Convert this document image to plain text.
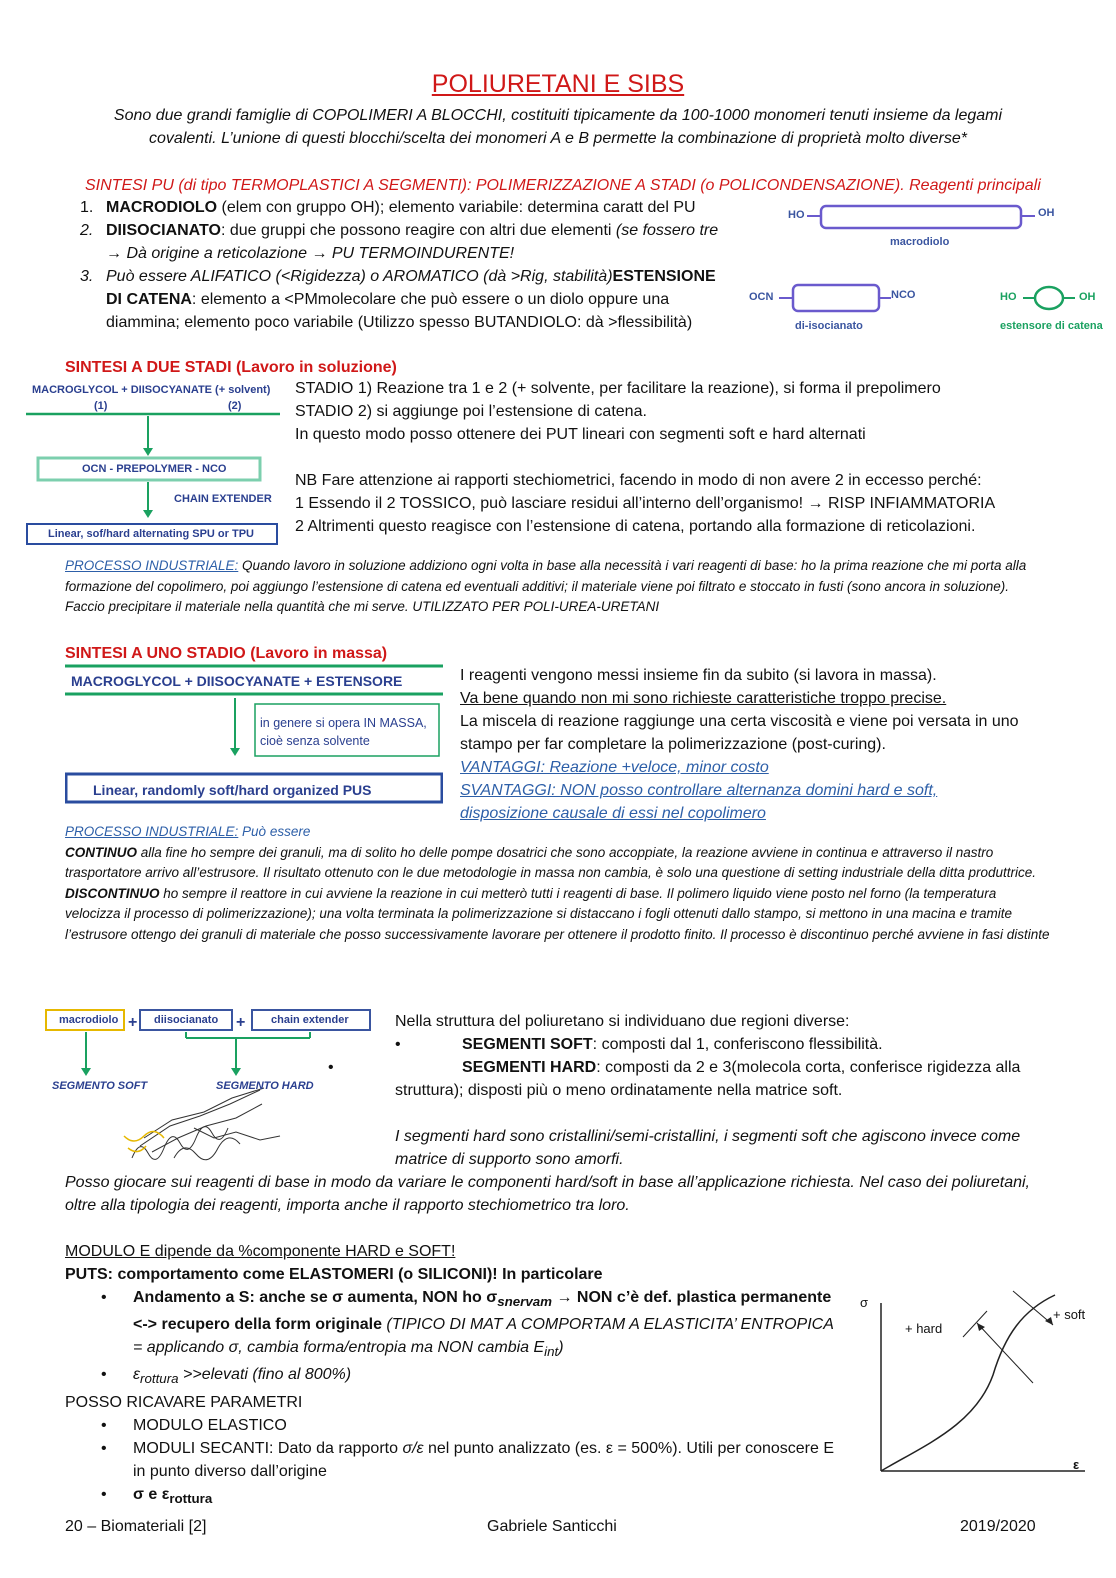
POLIURETANI E SIBS
Sono due grandi famiglie di COPOLIMERI A BLOCCHI, costituiti tipicamente da 100-1000 monomeri tenuti insieme da legami covalenti. L’unione di questi blocchi/scelta dei monomeri A e B permette la combinazione di proprietà molto diverse*
SINTESI PU (di tipo TERMOPLASTICI A SEGMENTI): POLIMERIZZAZIONE A STADI (o POLICONDENSAZIONE). Reagenti principali
1. MACRODIOLO (elem con gruppo OH); elemento variabile: determina caratt del PU
2. DIISOCIANATO: due gruppi che possono reagire con altri due elementi (se fossero tre → Dà origine a reticolazione → PU TERMOINDURENTE!
3. Può essere ALIFATICO (<Rigidezza) o AROMATICO (dà >Rig, stabilità)ESTENSIONE DI CATENA: elemento a <PMmolecolare che può essere o un diolo oppure una diammina; elemento poco variabile (Utilizzo spesso BUTANDIOLO: dà >flessibilità)
HO	OH
macrodiolo
OCN	NCO
di-isocianato
HO	OH
estensore di catena
SINTESI A DUE STADI (Lavoro in soluzione)
MACROGLYCOL + DIISOCYANATE (+ solvent)
(1)	(2)
OCN - PREPOLYMER - NCO
CHAIN EXTENDER
Linear, sof/hard alternating SPU or TPU
STADIO 1) Reazione tra 1 e 2 (+ solvente, per facilitare la reazione), si forma il prepolimero
STADIO 2) si aggiunge poi l’estensione di catena.
In questo modo posso ottenere dei PUT lineari con segmenti soft e hard alternati
NB Fare attenzione ai rapporti stechiometrici, facendo in modo di non avere 2 in eccesso perché:
1 Essendo il 2 TOSSICO, può lasciare residui all’interno dell’organismo! → RISP INFIAMMATORIA
2 Altrimenti questo reagisce con l’estensione di catena, portando alla formazione di reticolazioni.
PROCESSO INDUSTRIALE: Quando lavoro in soluzione addiziono ogni volta in base alla necessità i vari reagenti di base: ho la prima reazione che mi porta alla formazione del copolimero, poi aggiungo l’estensione di catena ed eventuali additivi; il materiale viene poi filtrato e stoccato in fusti (sono ancora in soluzione). Faccio precipitare il materiale nella quantità che mi serve. UTILIZZATO PER POLI-UREA-URETANI
SINTESI A UNO STADIO (Lavoro in massa)
MACROGLYCOL + DIISOCYANATE + ESTENSORE
in genere si opera IN MASSA,
cioè senza solvente
Linear, randomly soft/hard organized PUS
I reagenti vengono messi insieme fin da subito (si lavora in massa).
Va bene quando non mi sono richieste caratteristiche troppo precise.
La miscela di reazione raggiunge una certa viscosità e viene poi versata in uno stampo per far completare la polimerizzazione (post-curing).
VANTAGGI: Reazione +veloce, minor costo
SVANTAGGI: NON posso controllare alternanza domini hard e soft, disposizione causale di essi nel copolimero
PROCESSO INDUSTRIALE: Può essere
CONTINUO alla fine ho sempre dei granuli, ma di solito ho delle pompe dosatrici che sono accoppiate, la reazione avviene in continua e attraverso il nastro trasportatore arrivo all’estrusore. Il risultato ottenuto con le due metodologie in massa non cambia, è solo una questione di setting industriale della ditta produttrice.
DISCONTINUO ho sempre il reattore in cui avviene la reazione in cui metterò tutti i reagenti di base. Il polimero liquido viene posto nel forno (la temperatura velocizza il processo di polimerizzazione); una volta terminata la polimerizzazione si distaccano i fogli ottenuti dallo stampo, si mettono in una macina e tramite l’estrusore ottengo dei granuli di materiale che posso successivamente lavorare per ottenere il prodotto finito. Il processo è discontinuo perché avviene in fasi distinte
+	+
macrodiolo	diisocianato	chain extender
SEGMENTO SOFT	SEGMENTO HARD
Nella struttura del poliuretano si individuano due regioni diverse:
•	SEGMENTI SOFT: composti dal 1, conferiscono flessibilità.
•	SEGMENTI HARD: composti da 2 e 3(molecola corta, conferisce rigidezza alla struttura); disposti più o meno ordinatamente nella matrice soft.
I segmenti hard sono cristallini/semi-cristallini, i segmenti soft che agiscono invece come matrice di supporto sono amorfi.
Posso giocare sui reagenti di base in modo da variare le componenti hard/soft in base all’applicazione richiesta. Nel caso dei poliuretani, oltre alla tipologia dei reagenti, importa anche il rapporto stechiometrico tra loro.
MODULO E dipende da %componente HARD e SOFT!
PUTS: comportamento come ELASTOMERI (o SILICONI)! In particolare
• Andamento a S: anche se σ aumenta, NON ho $\sigma_{snervam}$ → NON c’è def. plastica permanente <-> recupero della form originale (TIPICO DI MAT A COMPORTAM A ELASTICITA’ ENTROPICA = applicando σ, cambia forma/entropia ma NON cambia $E_{int}$)
• $\varepsilon_{rottura}$ >>elevati (fino al 800%)
POSSO RICAVARE PARAMETRI
• MODULO ELASTICO
• MODULI SECANTI: Dato da rapporto σ/ε nel punto analizzato (es. ε = 500%). Utili per conoscere E in punto diverso dall’origine
• σ e $\varepsilon_{rottura}$
σ
ε
+ hard
+ soft
20 – Biomateriali [2]	Gabriele Santicchi	2019/2020
